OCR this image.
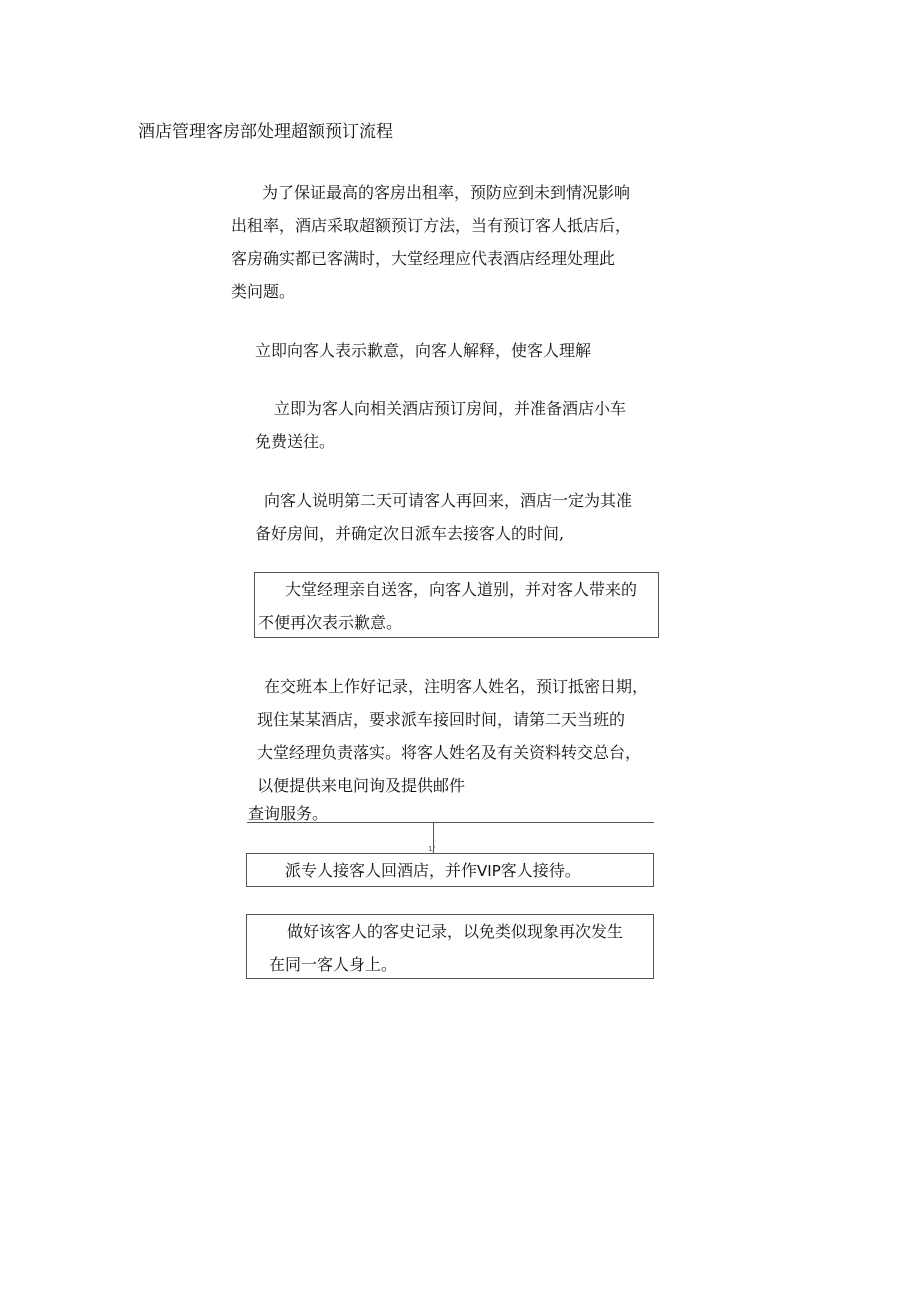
酒店管理客房部处理超额预订流程
为了保证最高的客房出租率，预防应到未到情况影响
出租率，酒店采取超额预订方法，当有预订客人抵店后，
客房确实都已客满时，大堂经理应代表酒店经理处理此
类问题。
立即向客人表示歉意，向客人解释，使客人理解
立即为客人向相关酒店预订房间，并准备酒店小车
免费送往。
向客人说明第二天可请客人再回来，酒店一定为其准
备好房间，并确定次日派车去接客人的时间,
大堂经理亲自送客，向客人道别，并对客人带来的
不便再次表示歉意。
在交班本上作好记录，注明客人姓名，预订抵密日期，
现住某某酒店，要求派车接回时间，请第二天当班的
大堂经理负责落实。将客人姓名及有关资料转交总台，
以便提供来电问询及提供邮件
查询服务。
1/
派专人接客人回酒店，并作VIP客人接待。
做好该客人的客史记录，以免类似现象再次发生
在同一客人身上。
